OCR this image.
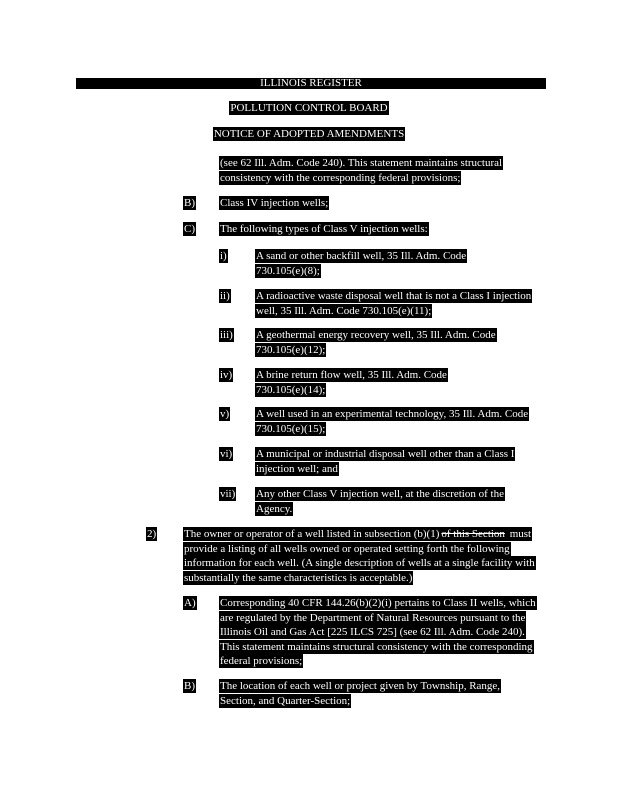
ILLINOIS REGISTER
POLLUTION CONTROL BOARD
NOTICE OF ADOPTED AMENDMENTS
(see 62 Ill. Adm. Code 240). This statement maintains structural consistency with the corresponding federal provisions;
B) Class IV injection wells;
C) The following types of Class V injection wells:
i)	A sand or other backfill well, 35 Ill. Adm. Code 730.105(e)(8);
ii) A radioactive waste disposal well that is not a Class I injection well, 35 Ill. Adm. Code 730.105(e)(11);
iii) A geothermal energy recovery well, 35 Ill. Adm. Code 730.105(e)(12);
iv) A brine return flow well, 35 Ill. Adm. Code 730.105(e)(14);
v) A well used in an experimental technology, 35 Ill. Adm. Code 730.105(e)(15);
vi) A municipal or industrial disposal well other than a Class I injection well; and
vii) Any other Class V injection well, at the discretion of the Agency.
2)	The owner or operator of a well listed in subsection (b)(1) of this Section must provide a listing of all wells owned or operated setting forth the following information for each well. (A single description of wells at a single facility with substantially the same characteristics is acceptable.)
A) Corresponding 40 CFR 144.26(b)(2)(i) pertains to Class II wells, which are regulated by the Department of Natural Resources pursuant to the Illinois Oil and Gas Act [225 ILCS 725] (see 62 Ill. Adm. Code 240). This statement maintains structural consistency with the corresponding federal provisions;
B) The location of each well or project given by Township, Range, Section, and Quarter-Section;
